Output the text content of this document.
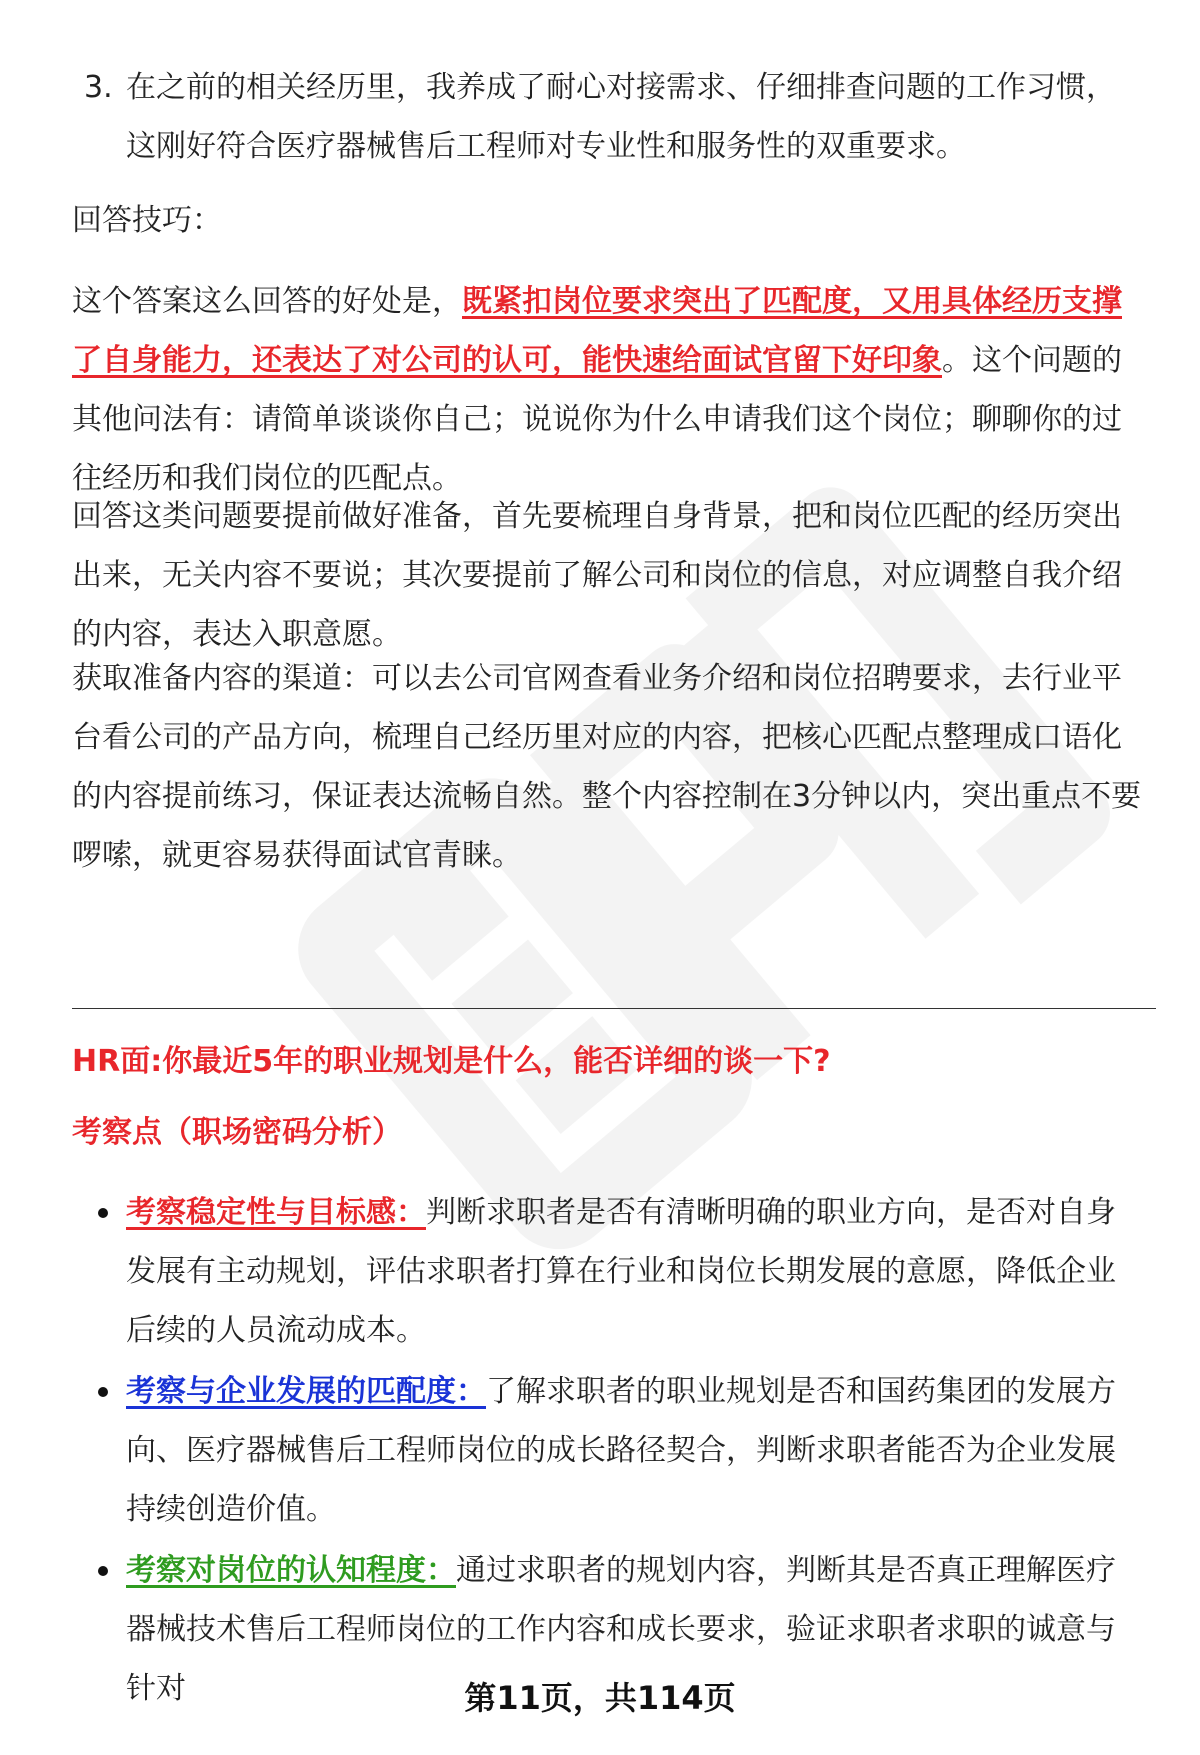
3. 在之前的相关经历里，我养成了耐心对接需求、仔细排查问题的工作习惯，这刚好符合医疗器械售后工程师对专业性和服务性的双重要求。

回答技巧：

这个答案这么回答的好处是，既紧扣岗位要求突出了匹配度，又用具体经历支撑了自身能力，还表达了对公司的认可，能快速给面试官留下好印象。这个问题的其他问法有：请简单谈谈你自己；说说你为什么申请我们这个岗位；聊聊你的过往经历和我们岗位的匹配点。

回答这类问题要提前做好准备，首先要梳理自身背景，把和岗位匹配的经历突出出来，无关内容不要说；其次要提前了解公司和岗位的信息，对应调整自我介绍的内容，表达入职意愿。

获取准备内容的渠道：可以去公司官网查看业务介绍和岗位招聘要求，去行业平台看公司的产品方向，梳理自己经历里对应的内容，把核心匹配点整理成口语化的内容提前练习，保证表达流畅自然。整个内容控制在3分钟以内，突出重点不要啰嗦，就更容易获得面试官青睐。

HR面:你最近5年的职业规划是什么，能否详细的谈一下?

考察点（职场密码分析）

考察稳定性与目标感：判断求职者是否有清晰明确的职业方向，是否对自身发展有主动规划，评估求职者打算在行业和岗位长期发展的意愿，降低企业后续的人员流动成本。

考察与企业发展的匹配度：了解求职者的职业规划是否和国药集团的发展方向、医疗器械售后工程师岗位的成长路径契合，判断求职者能否为企业发展持续创造价值。

考察对岗位的认知程度：通过求职者的规划内容，判断其是否真正理解医疗器械技术售后工程师岗位的工作内容和成长要求，验证求职者求职的诚意与针对	第11页，共114页
